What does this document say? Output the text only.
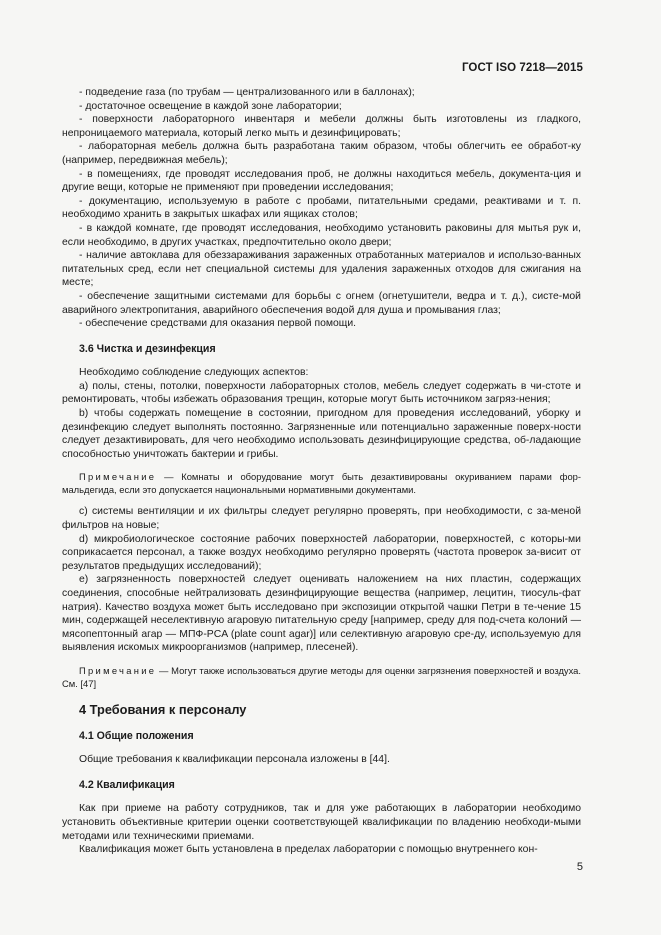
ГОСТ ISO 7218—2015

- подведение газа (по трубам — централизованного или в баллонах);

- достаточное освещение в каждой зоне лаборатории;

- поверхности лабораторного инвентаря и мебели должны быть изготовлены из гладкого, непроницаемого материала, который легко мыть и дезинфицировать;

- лабораторная мебель должна быть разработана таким образом, чтобы облегчить ее обработ-ку (например, передвижная мебель);

- в помещениях, где проводят исследования проб, не должны находиться мебель, документа-ция и другие вещи, которые не применяют при проведении исследования;

- документацию, используемую в работе с пробами, питательными средами, реактивами и т. п. необходимо хранить в закрытых шкафах или ящиках столов;

- в каждой комнате, где проводят исследования, необходимо установить раковины для мытья рук и, если необходимо, в других участках, предпочтительно около двери;

- наличие автоклава для обеззараживания зараженных отработанных материалов и использо-ванных питательных сред, если нет специальной системы для удаления зараженных отходов для сжигания на месте;

- обеспечение защитными системами для борьбы с огнем (огнетушители, ведра и т. д.), систе-мой аварийного электропитания, аварийного обеспечения водой для душа и промывания глаз;

- обеспечение средствами для оказания первой помощи.

3.6 Чистка и дезинфекция

Необходимо соблюдение следующих аспектов:

а) полы, стены, потолки, поверхности лабораторных столов, мебель следует содержать в чи-стоте и ремонтировать, чтобы избежать образования трещин, которые могут быть источником загряз-нения;

b) чтобы содержать помещение в состоянии, пригодном для проведения исследований, уборку и дезинфекцию следует выполнять постоянно. Загрязненные или потенциально зараженные поверх-ности следует дезактивировать, для чего необходимо использовать дезинфицирующие средства, об-ладающие способностью уничтожать бактерии и грибы.

Примечание — Комнаты и оборудование могут быть дезактивированы окуриванием парами фор-мальдегида, если это допускается национальными нормативными документами.

с) системы вентиляции и их фильтры следует регулярно проверять, при необходимости, с за-меной фильтров на новые;

d) микробиологическое состояние рабочих поверхностей лаборатории, поверхностей, с которы-ми соприкасается персонал, а также воздух необходимо регулярно проверять (частота проверок за-висит от результатов предыдущих исследований);

е) загрязненность поверхностей следует оценивать наложением на них пластин, содержащих соединения, способные нейтрализовать дезинфицирующие вещества (например, лецитин, тиосуль-фат натрия). Качество воздуха может быть исследовано при экспозиции открытой чашки Петри в те-чение 15 мин, содержащей неселективную агаровую питательную среду [например, среду для под-счета колоний — мясопептонный агар — МПФ-PCA (plate count agar)] или селективную агаровую сре-ду, используемую для выявления искомых микроорганизмов (например, плесеней).

Примечание — Могут также использоваться другие методы для оценки загрязнения поверхностей и воздуха. См. [47]

4 Требования к персоналу
4.1 Общие положения

Общие требования к квалификации персонала изложены в [44].

4.2 Квалификация

Как при приеме на работу сотрудников, так и для уже работающих в лаборатории необходимо установить объективные критерии оценки соответствующей квалификации по владению необходи-мыми методами или техническими приемами.

Квалификация может быть установлена в пределах лаборатории с помощью внутреннего кон-

5
